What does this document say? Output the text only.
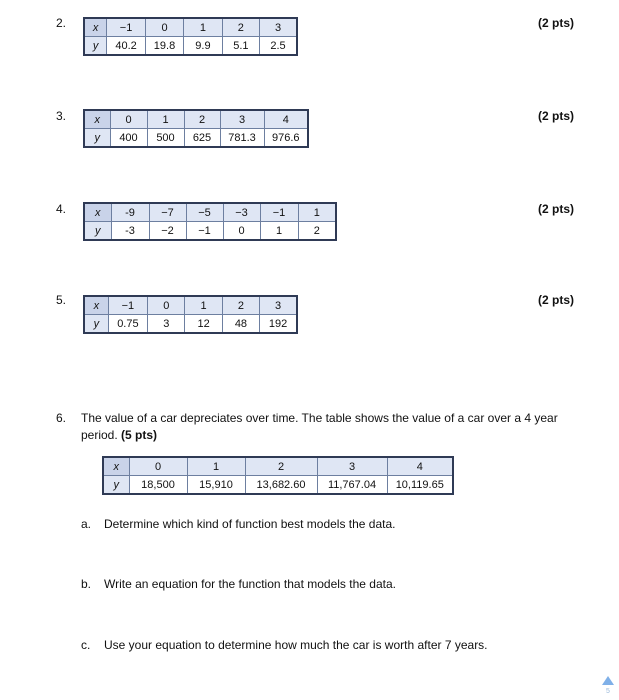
2.	(2 pts)
x	−1	0	1	2	3
y	40.2	19.8	9.9	5.1	2.5
3.	(2 pts)
x	0	1	2	3	4
y	400	500	625	781.3	976.6
4.	(2 pts)
x	-9	−7	−5	−3	−1	1
y	-3	−2	−1	0	1	2
5.	(2 pts)
x	−1	0	1	2	3
y	0.75	3	12	48	192
6. The value of a car depreciates over time. The table shows the value of a car over a 4 year period. (5 pts)
x	0	1	2	3	4
y	18,500	15,910	13,682.60	11,767.04	10,119.65
a. Determine which kind of function best models the data.
b. Write an equation for the function that models the data.
c. Use your equation to determine how much the car is worth after 7 years.
5
